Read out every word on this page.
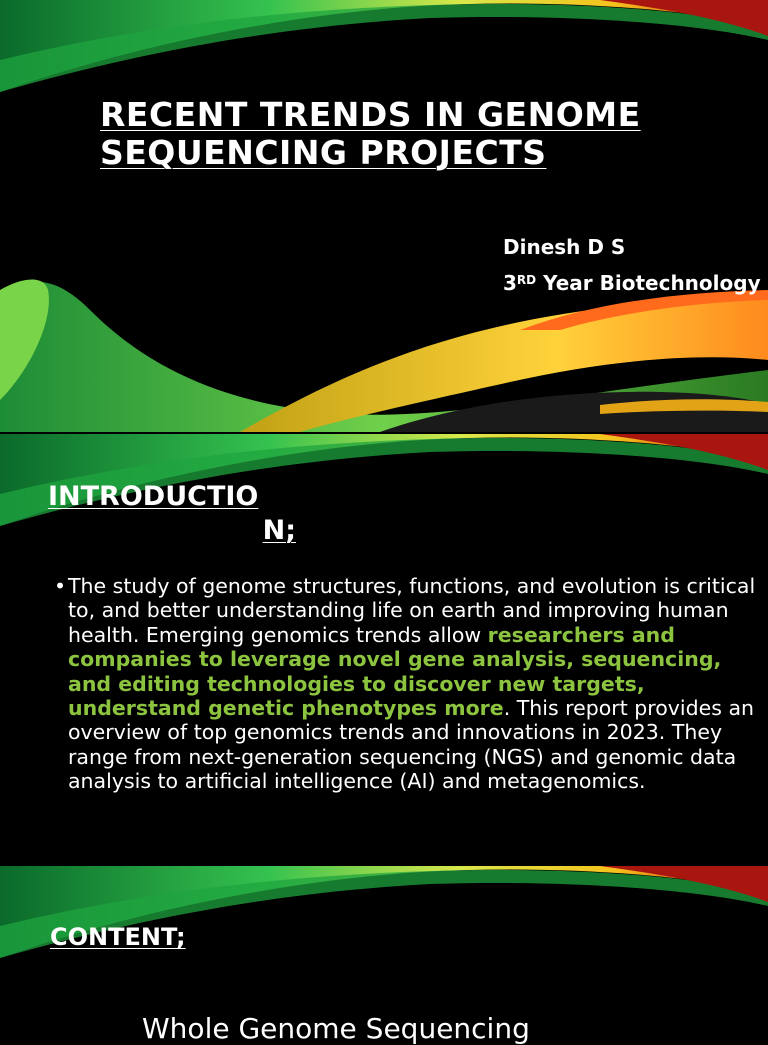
RECENT TRENDS IN GENOME
SEQUENCING PROJECTS
Dinesh D S
3RD Year Biotechnology
INTRODUCTIO
N;
• The study of genome structures, functions, and evolution is critical to, and better understanding life on earth and improving human health. Emerging genomics trends allow researchers and companies to leverage novel gene analysis, sequencing, and editing technologies to discover new targets, understand genetic phenotypes more. This report provides an overview of top genomics trends and innovations in 2023. They range from next-generation sequencing (NGS) and genomic data analysis to artificial intelligence (AI) and metagenomics.
CONTENT;
Whole Genome Sequencing
